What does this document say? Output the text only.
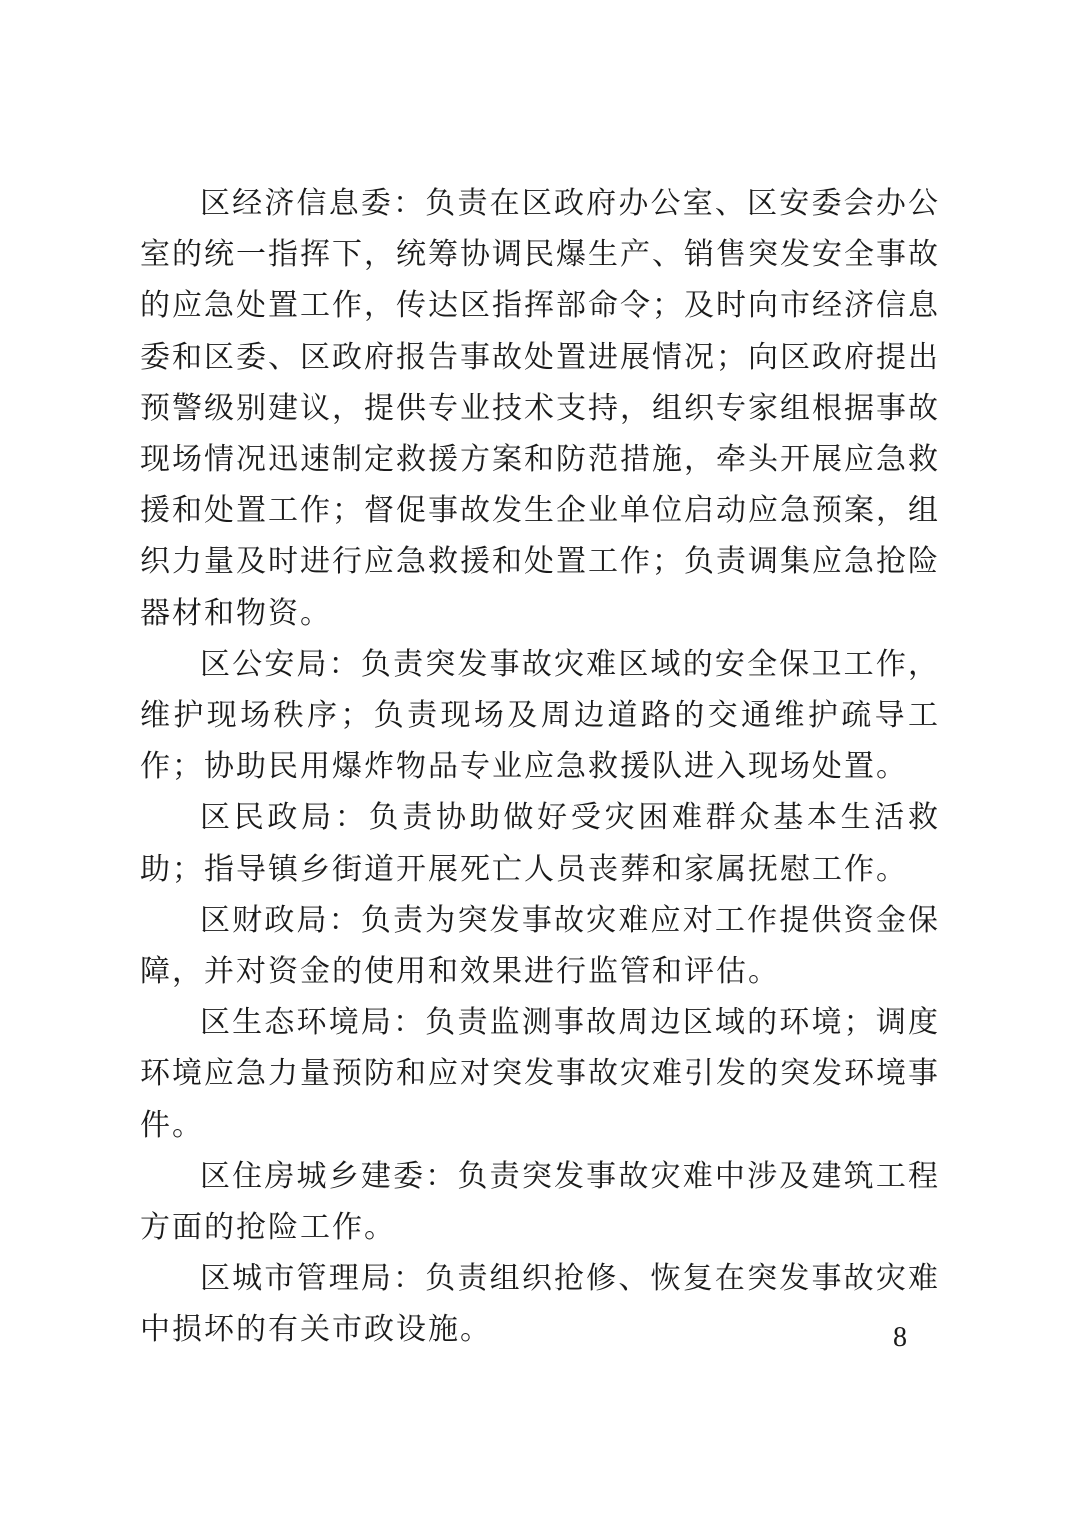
区经济信息委：负责在区政府办公室、区安委会办公室的统一指挥下，统筹协调民爆生产、销售突发安全事故的应急处置工作，传达区指挥部命令；及时向市经济信息委和区委、区政府报告事故处置进展情况；向区政府提出预警级别建议，提供专业技术支持，组织专家组根据事故现场情况迅速制定救援方案和防范措施，牵头开展应急救援和处置工作；督促事故发生企业单位启动应急预案，组织力量及时进行应急救援和处置工作；负责调集应急抢险器材和物资。

区公安局：负责突发事故灾难区域的安全保卫工作，维护现场秩序；负责现场及周边道路的交通维护疏导工作；协助民用爆炸物品专业应急救援队进入现场处置。

区民政局：负责协助做好受灾困难群众基本生活救助；指导镇乡街道开展死亡人员丧葬和家属抚慰工作。

区财政局：负责为突发事故灾难应对工作提供资金保障，并对资金的使用和效果进行监管和评估。

区生态环境局：负责监测事故周边区域的环境；调度环境应急力量预防和应对突发事故灾难引发的突发环境事件。

区住房城乡建委：负责突发事故灾难中涉及建筑工程方面的抢险工作。

区城市管理局：负责组织抢修、恢复在突发事故灾难中损坏的有关市政设施。	8
